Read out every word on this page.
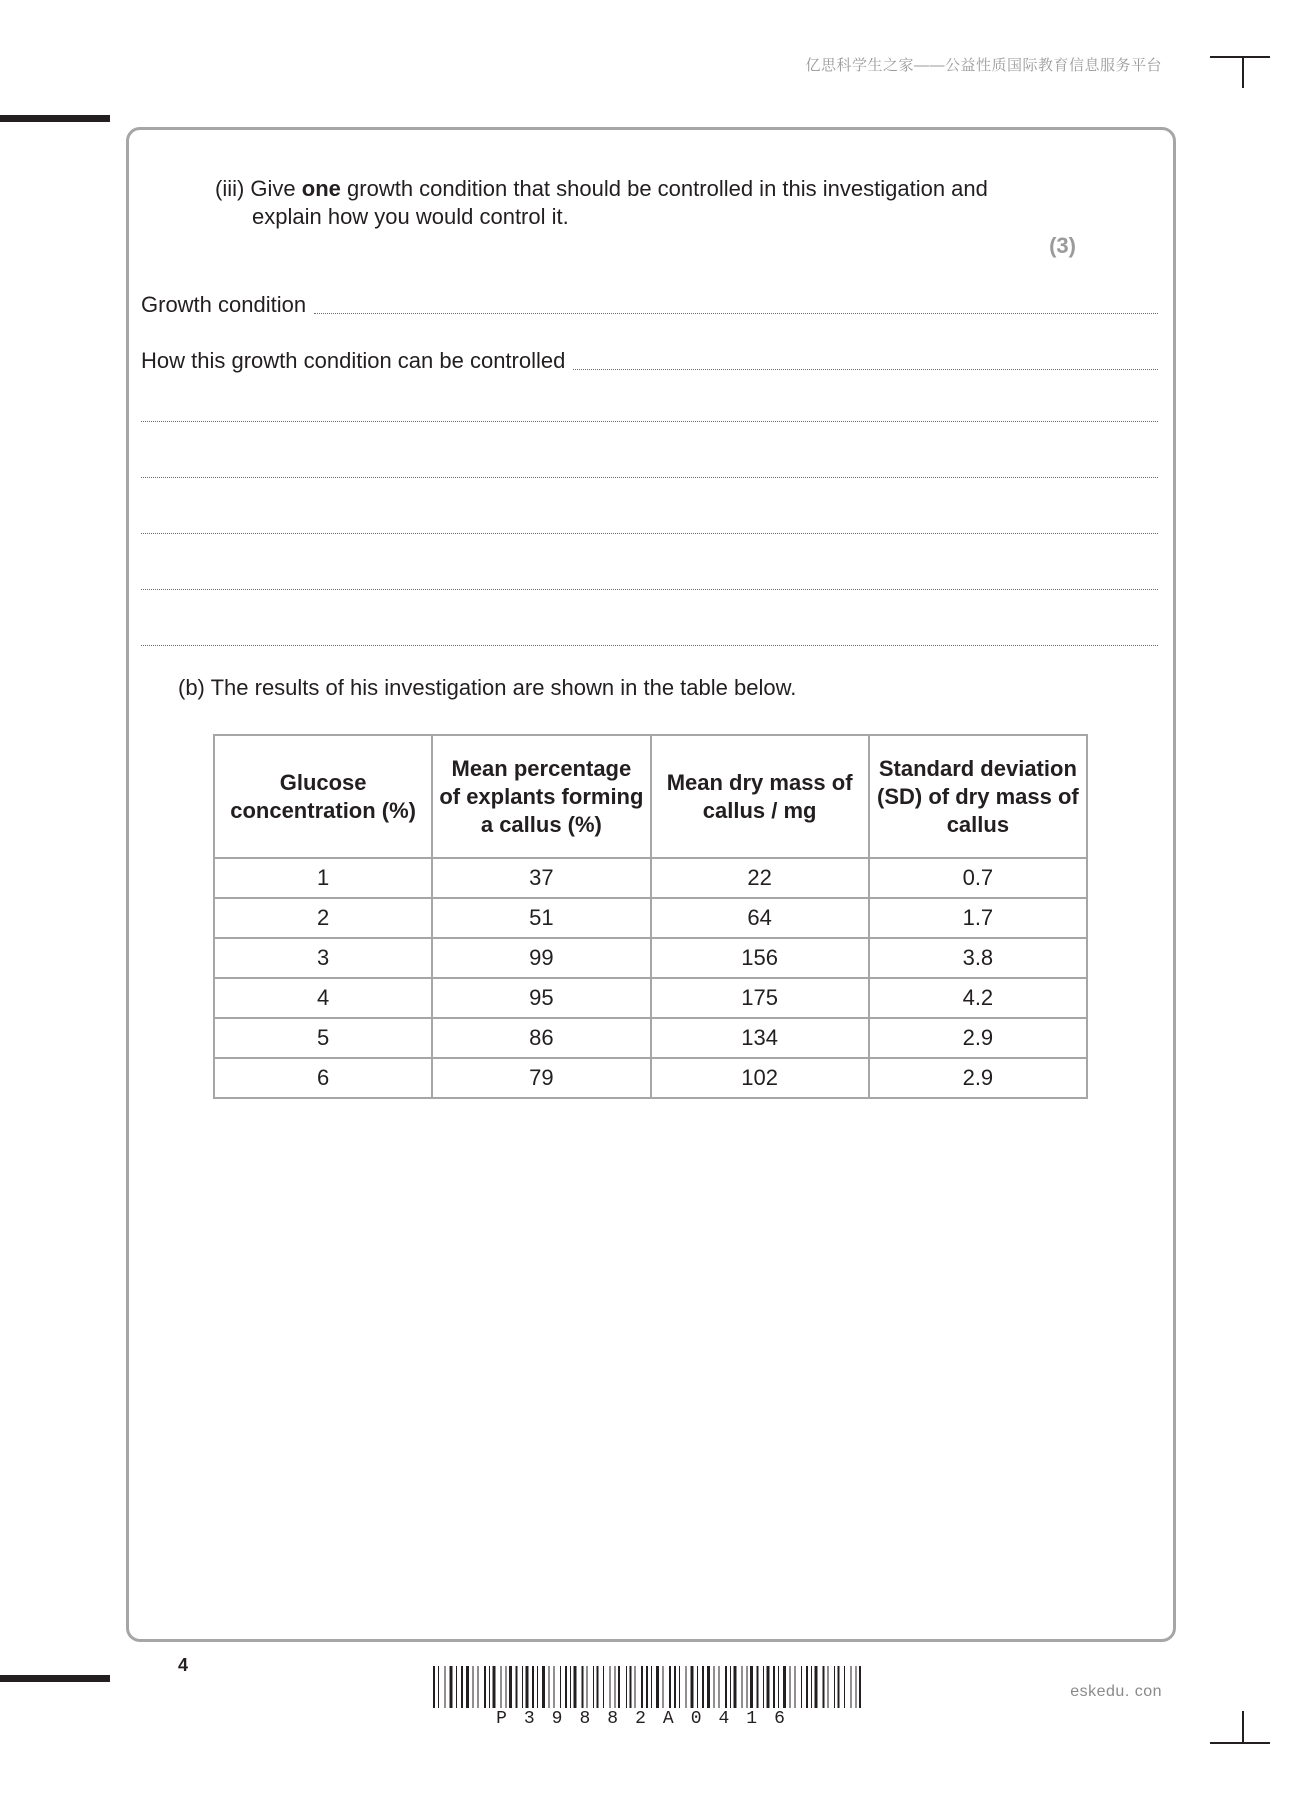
亿思科学生之家——公益性质国际教育信息服务平台
(iii) Give one growth condition that should be controlled in this investigation and
explain how you would control it.
(3)
Growth condition
How this growth condition can be controlled
(b) The results of his investigation are shown in the table below.
Glucose concentration (%)	Mean percentage of explants forming a callus (%)	Mean dry mass of callus / mg	Standard deviation (SD) of dry mass of callus
1	37	22	0.7
2	51	64	1.7
3	99	156	3.8
4	95	175	4.2
5	86	134	2.9
6	79	102	2.9
4
P39882A0416
eskedu. con
